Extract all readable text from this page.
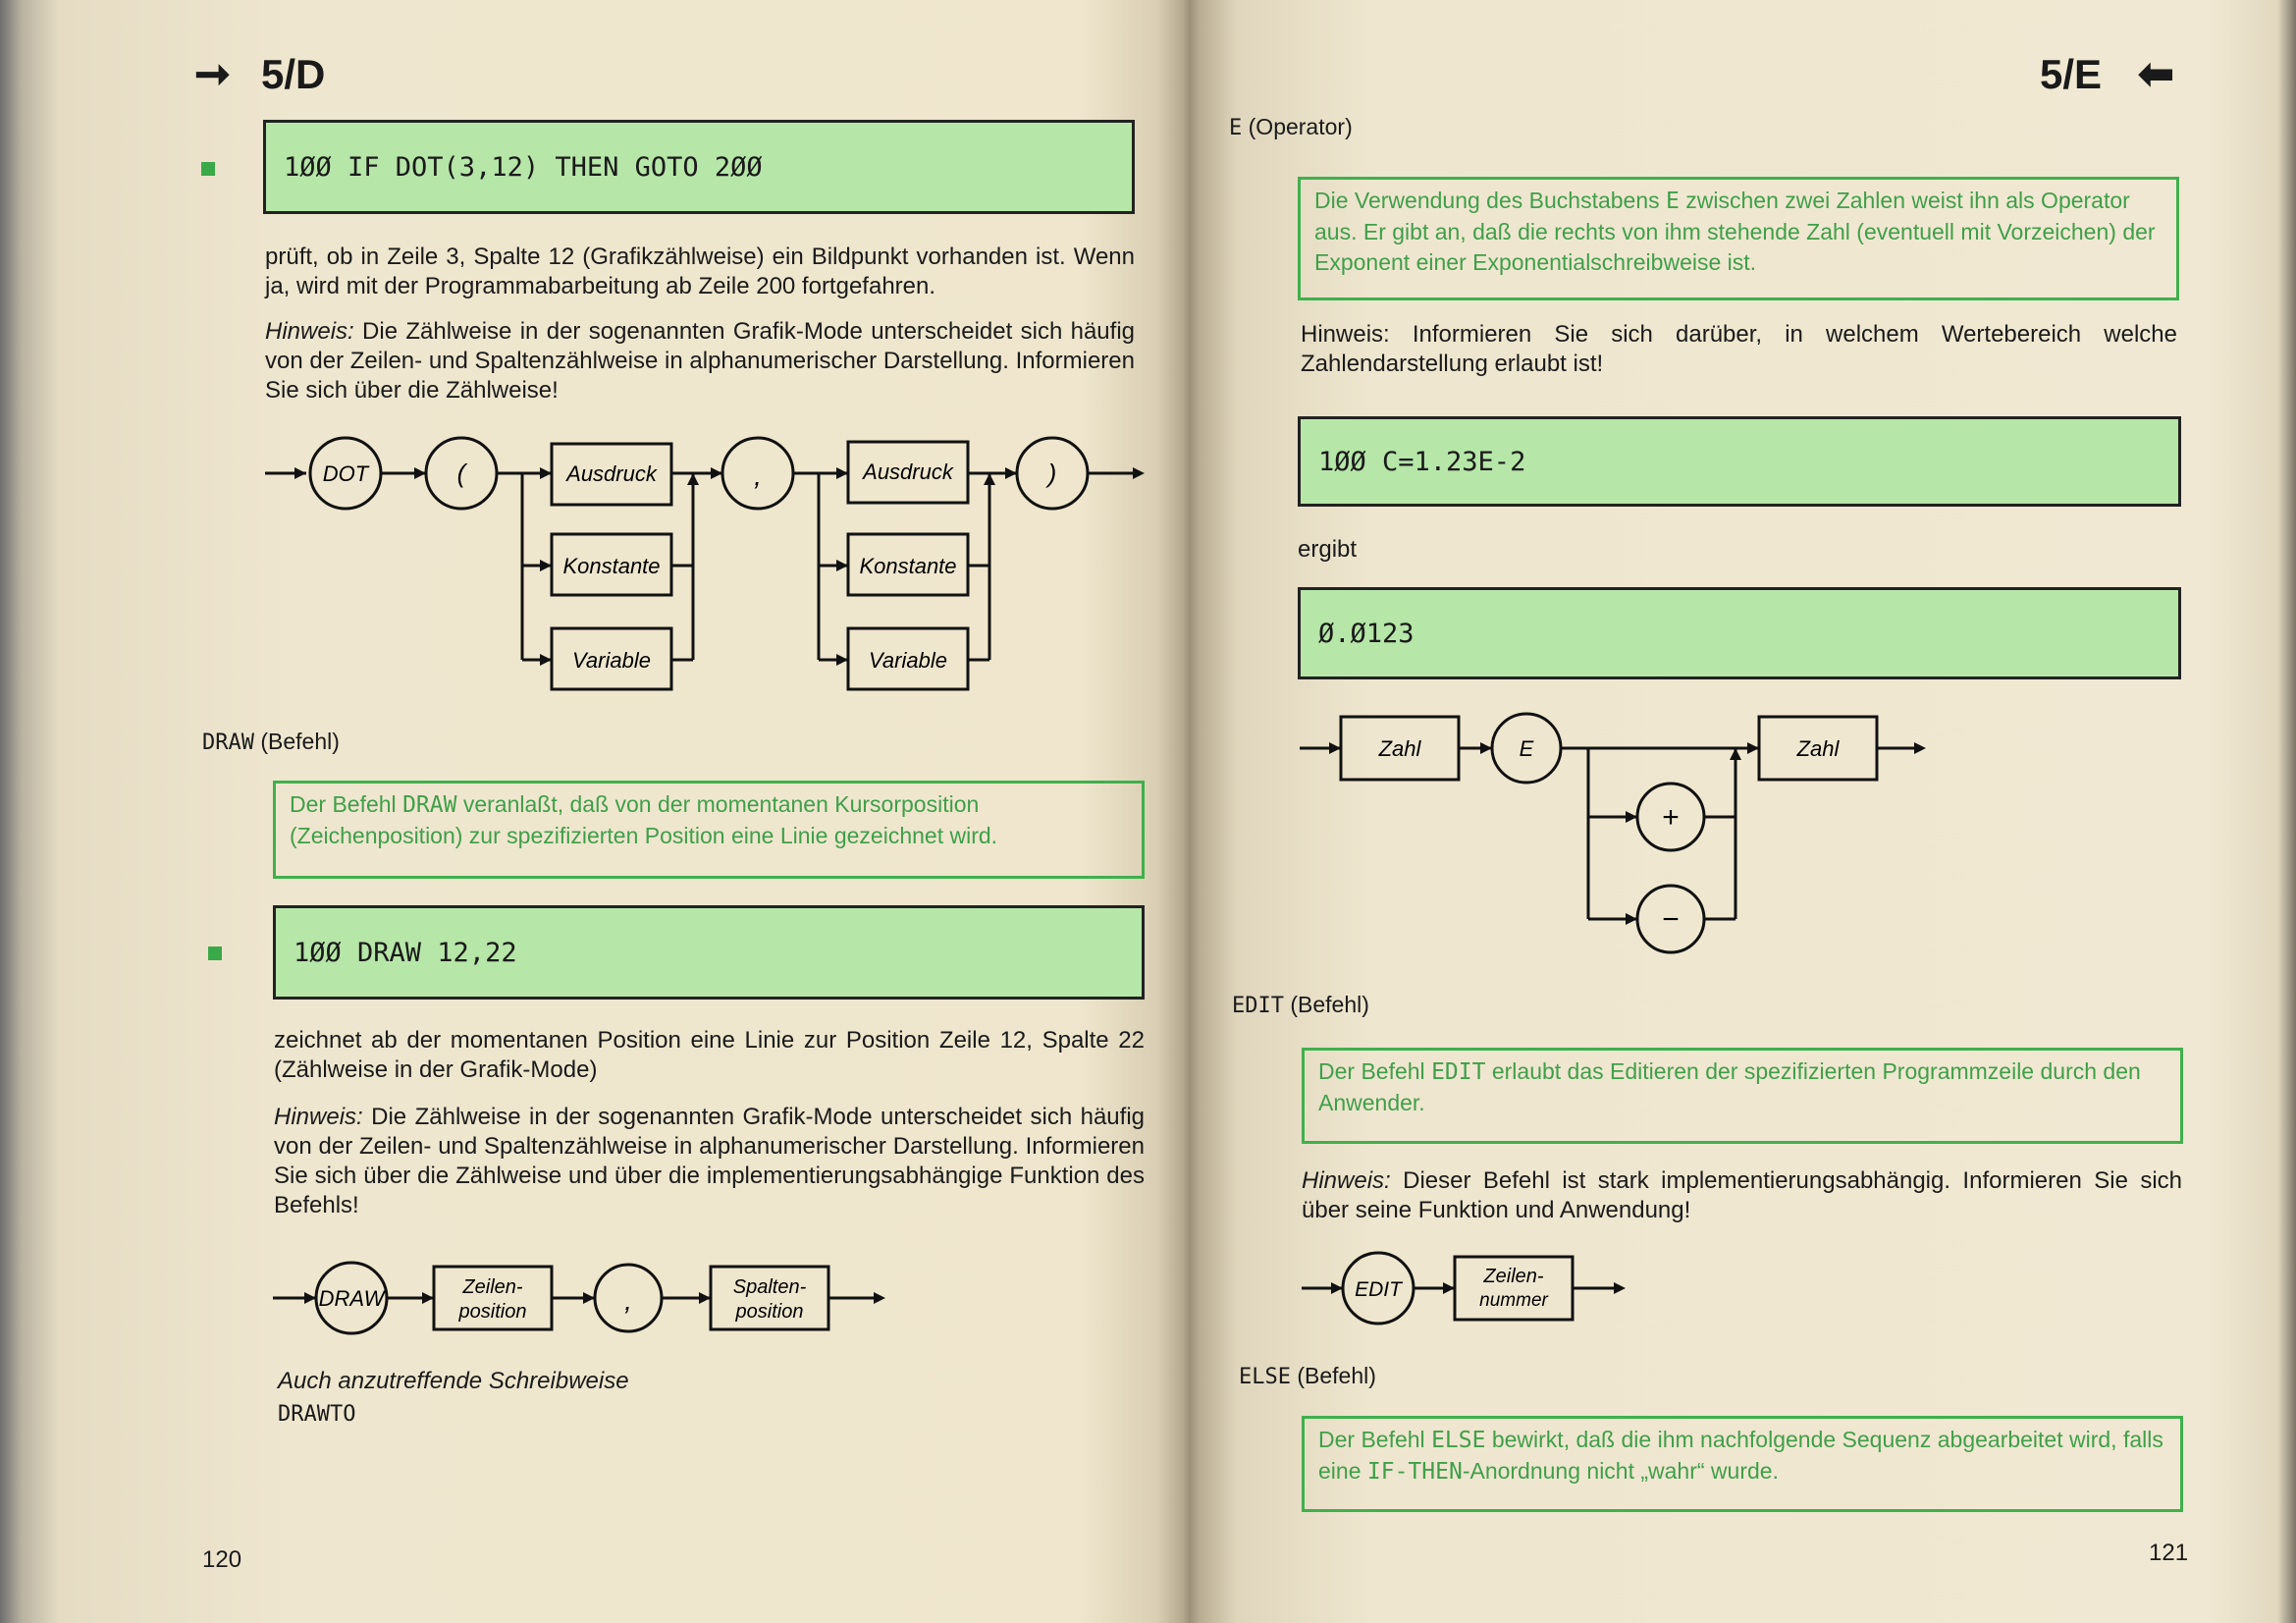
➞ 5/D
1ØØ IF DOT(3,12) THEN GOTO 2ØØ
prüft, ob in Zeile 3, Spalte 12 (Grafikzählweise) ein Bildpunkt vorhanden ist. Wenn ja, wird mit der Programmabarbeitung ab Zeile 200 fortgefahren.
Hinweis: Die Zählweise in der sogenannten Grafik-Mode unterscheidet sich häufig von der Zeilen- und Spaltenzählweise in alphanumerischer Darstellung. Informieren Sie sich über die Zählweise!
DOT	(	Ausdruck
Konstante
Variable
,	Ausdruck
Konstante
Variable
)
DRAW (Befehl)
Der Befehl DRAW veranlaßt, daß von der momentanen Kursorposition (Zeichenposition) zur spezifizierten Position eine Linie gezeichnet wird.
1ØØ DRAW 12,22
zeichnet ab der momentanen Position eine Linie zur Position Zeile 12, Spalte 22 (Zählweise in der Grafik-Mode)
Hinweis: Die Zählweise in der sogenannten Grafik-Mode unterscheidet sich häufig von der Zeilen- und Spaltenzählweise in alphanumerischer Darstellung. Informieren Sie sich über die Zählweise und über die implementierungsabhängige Funktion des Befehls!
DRAW	Zeilen-
position	,	Spalten-
position
Auch anzutreffende Schreibweise
DRAWTO
120
5/E ⬅
E (Operator)
Die Verwendung des Buchstabens E zwischen zwei Zahlen weist ihn als Operator aus. Er gibt an, daß die rechts von ihm stehende Zahl (eventuell mit Vorzeichen) der Exponent einer Exponentialschreibweise ist.
Hinweis: Informieren Sie sich darüber, in welchem Wertebereich welche Zahlendarstellung erlaubt ist!
1ØØ C=1.23E-2
ergibt
Ø.Ø123
Zahl	E
+
−
Zahl
EDIT (Befehl)
Der Befehl EDIT erlaubt das Editieren der spezifizierten Programmzeile durch den Anwender.
Hinweis: Dieser Befehl ist stark implementierungsabhängig. Informieren Sie sich über seine Funktion und Anwendung!
EDIT
Zeilen-
nummer
ELSE (Befehl)
Der Befehl ELSE bewirkt, daß die ihm nachfolgende Sequenz abgearbeitet wird, falls eine IF-THEN-Anordnung nicht „wahr“ wurde.
121
